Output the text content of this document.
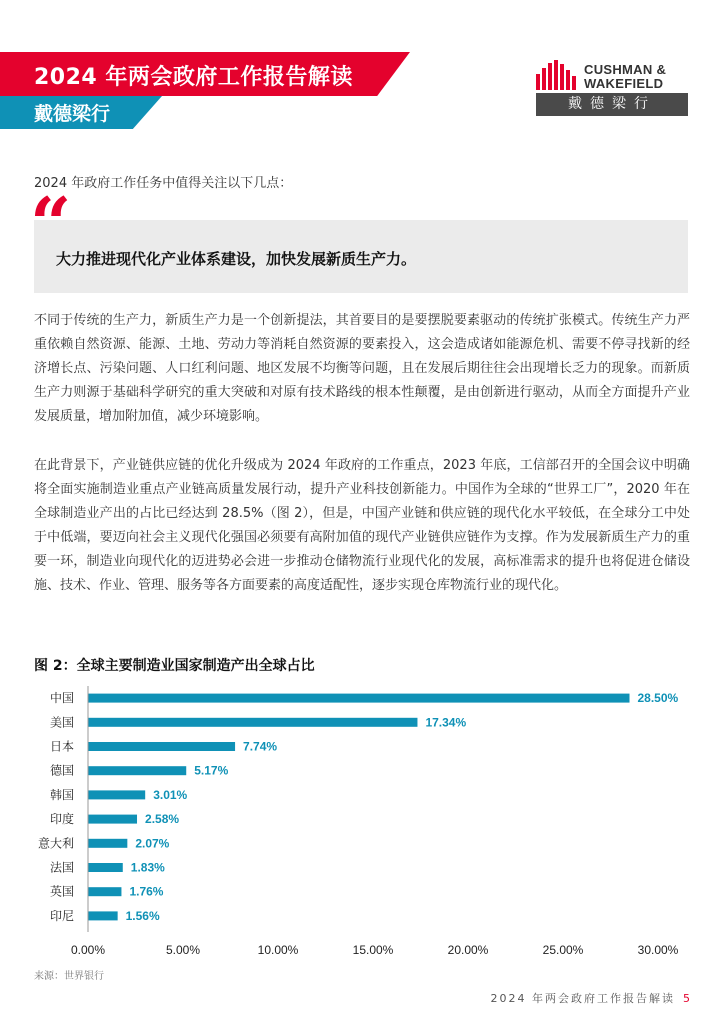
2024 年两会政府工作报告解读
戴德梁行
CUSHMAN &
WAKEFIELD
戴德梁行
2024 年政府工作任务中值得关注以下几点：
“
大力推进现代化产业体系建设，加快发展新质生产力。

不同于传统的生产力，新质生产力是一个创新提法，其首要目的是要摆脱要素驱动的传统扩张模式。传统生产力严重依赖自然资源、能源、土地、劳动力等消耗自然资源的要素投入，这会造成诸如能源危机、需要不停寻找新的经济增长点、污染问题、人口红利问题、地区发展不均衡等问题，且在发展后期往往会出现增长乏力的现象。而新质生产力则源于基础科学研究的重大突破和对原有技术路线的根本性颠覆，是由创新进行驱动，从而全方面提升产业发展质量，增加附加值，减少环境影响。

在此背景下，产业链供应链的优化升级成为 2024 年政府的工作重点，2023 年底，工信部召开的全国会议中明确将全面实施制造业重点产业链高质量发展行动，提升产业科技创新能力。中国作为全球的“世界工厂”，2020 年在全球制造业产出的占比已经达到 28.5%（图 2），但是，中国产业链和供应链的现代化水平较低，在全球分工中处于中低端，要迈向社会主义现代化强国必须要有高附加值的现代产业链供应链作为支撑。作为发展新质生产力的重要一环，制造业向现代化的迈进势必会进一步推动仓储物流行业现代化的发展，高标准需求的提升也将促进仓储设施、技术、作业、管理、服务等各方面要素的高度适配性，逐步实现仓库物流行业的现代化。

图 2：全球主要制造业国家制造产出全球占比
中国	28.50%
美国	17.34%
日本	7.74%
德国	5.17%
韩国	3.01%
印度	2.58%
意大利	2.07%
法国	1.83%
英国	1.76%
印尼	1.56%
0.00%	5.00%	10.00%	15.00%	20.00%	25.00%	30.00%
来源：世界银行
2024 年两会政府工作报告解读 5
